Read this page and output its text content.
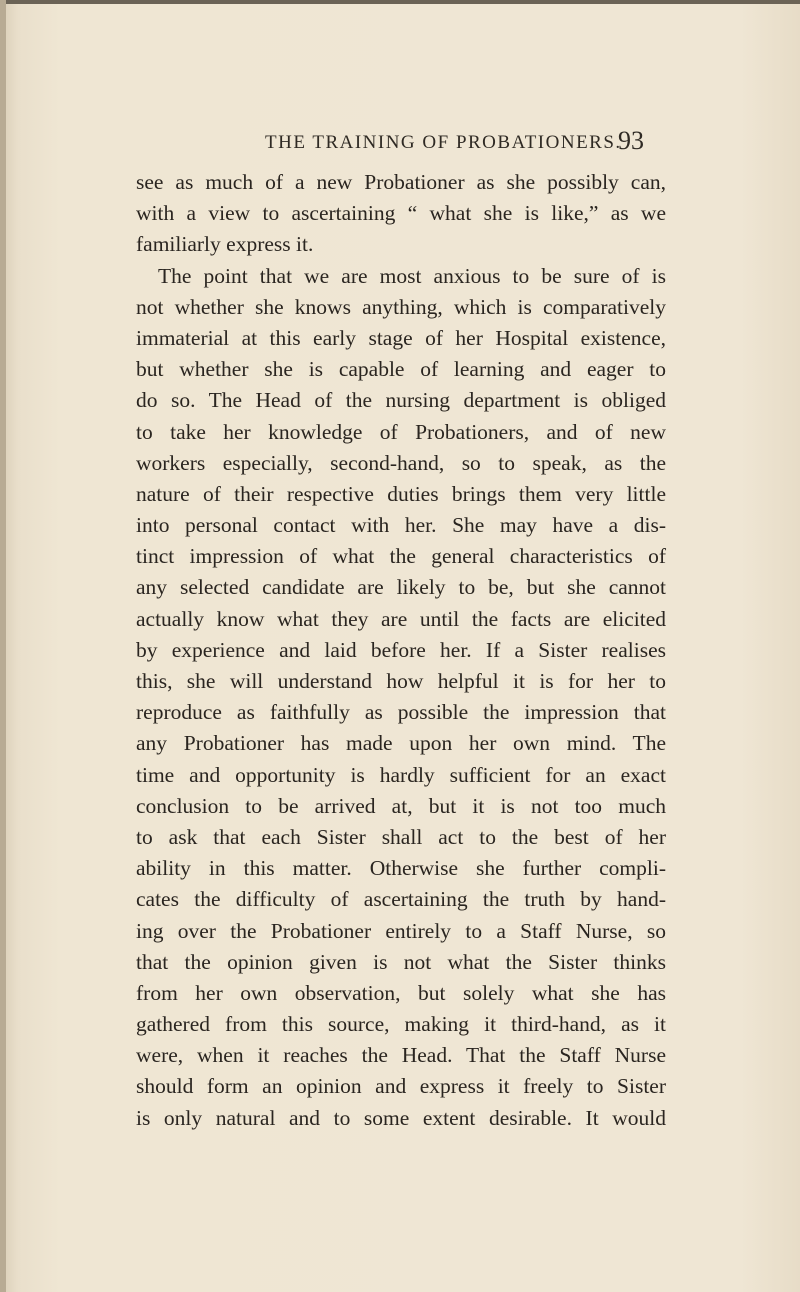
THE TRAINING OF PROBATIONERS.
93
see as much of a new Probationer as she possibly can,
with a view to ascertaining “ what she is like,” as we
familiarly express it.
The point that we are most anxious to be sure of is
not whether she knows anything, which is comparatively
immaterial at this early stage of her Hospital existence,
but whether she is capable of learning and eager to
do so. The Head of the nursing department is obliged
to take her knowledge of Probationers, and of new
workers especially, second-hand, so to speak, as the
nature of their respective duties brings them very little
into personal contact with her. She may have a dis-
tinct impression of what the general characteristics of
any selected candidate are likely to be, but she cannot
actually know what they are until the facts are elicited
by experience and laid before her. If a Sister realises
this, she will understand how helpful it is for her to
reproduce as faithfully as possible the impression that
any Probationer has made upon her own mind. The
time and opportunity is hardly sufficient for an exact
conclusion to be arrived at, but it is not too much
to ask that each Sister shall act to the best of her
ability in this matter. Otherwise she further compli-
cates the difficulty of ascertaining the truth by hand-
ing over the Probationer entirely to a Staff Nurse, so
that the opinion given is not what the Sister thinks
from her own observation, but solely what she has
gathered from this source, making it third-hand, as it
were, when it reaches the Head. That the Staff Nurse
should form an opinion and express it freely to Sister
is only natural and to some extent desirable. It would
